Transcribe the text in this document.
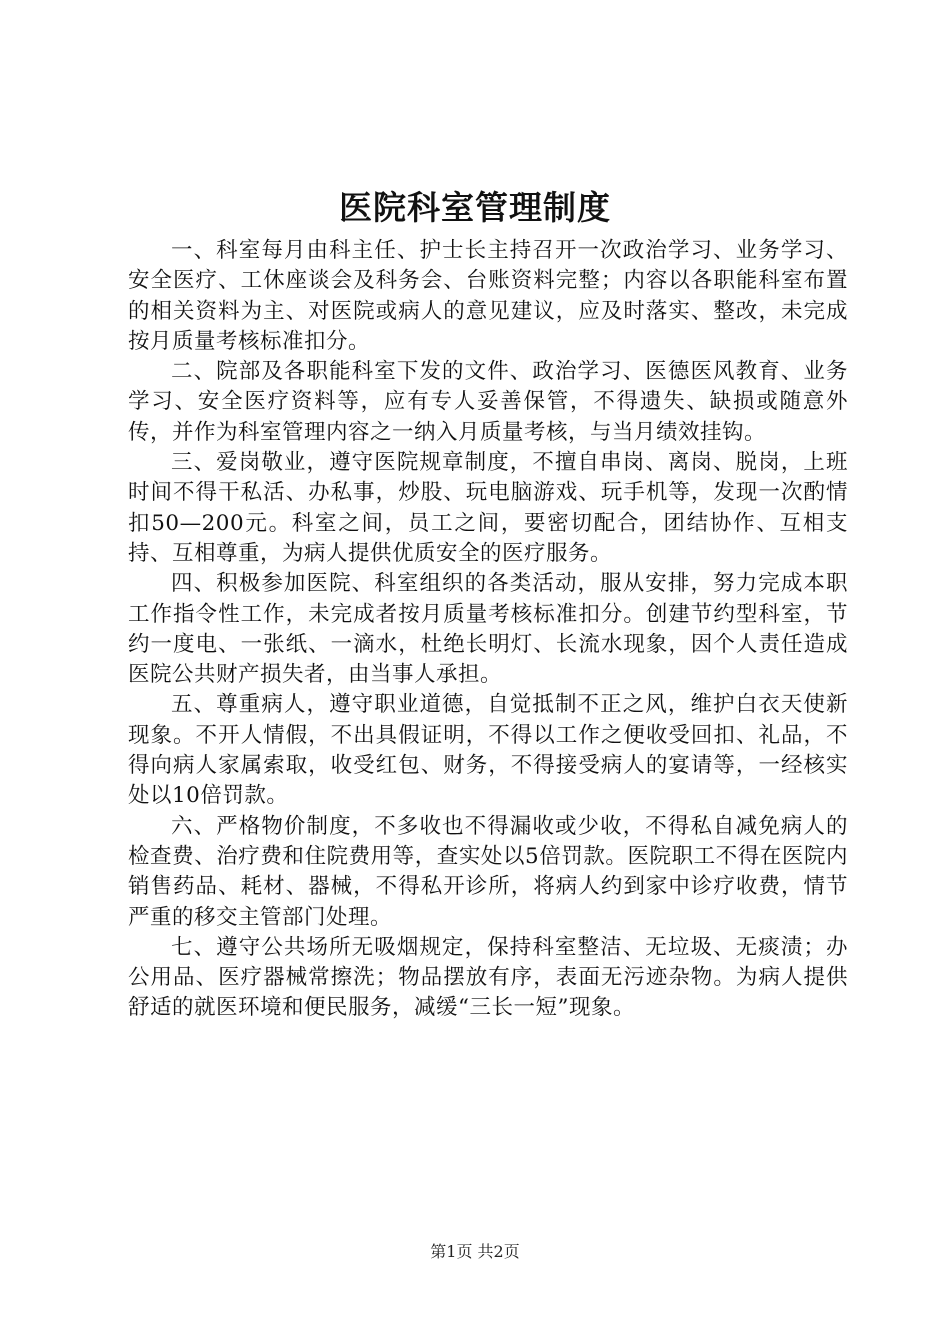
医院科室管理制度

一、科室每月由科主任、护士长主持召开一次政治学习、业务学习、安全医疗、工休座谈会及科务会、台账资料完整；内容以各职能科室布置的相关资料为主、对医院或病人的意见建议，应及时落实、整改，未完成按月质量考核标准扣分。

二、院部及各职能科室下发的文件、政治学习、医德医风教育、业务学习、安全医疗资料等，应有专人妥善保管，不得遗失、缺损或随意外传，并作为科室管理内容之一纳入月质量考核，与当月绩效挂钩。

三、爱岗敬业，遵守医院规章制度，不擅自串岗、离岗、脱岗，上班时间不得干私活、办私事，炒股、玩电脑游戏、玩手机等，发现一次酌情扣50—200元。科室之间，员工之间，要密切配合，团结协作、互相支持、互相尊重，为病人提供优质安全的医疗服务。

四、积极参加医院、科室组织的各类活动，服从安排，努力完成本职工作指令性工作，未完成者按月质量考核标准扣分。创建节约型科室，节约一度电、一张纸、一滴水，杜绝长明灯、长流水现象，因个人责任造成医院公共财产损失者，由当事人承担。

五、尊重病人，遵守职业道德，自觉抵制不正之风，维护白衣天使新现象。不开人情假，不出具假证明，不得以工作之便收受回扣、礼品，不得向病人家属索取，收受红包、财务，不得接受病人的宴请等，一经核实处以10倍罚款。

六、严格物价制度，不多收也不得漏收或少收，不得私自减免病人的检查费、治疗费和住院费用等，查实处以5倍罚款。医院职工不得在医院内销售药品、耗材、器械，不得私开诊所，将病人约到家中诊疗收费，情节严重的移交主管部门处理。

七、遵守公共场所无吸烟规定，保持科室整洁、无垃圾、无痰渍；办公用品、医疗器械常擦洗；物品摆放有序，表面无污迹杂物。为病人提供舒适的就医环境和便民服务，减缓“三长一短”现象。

第1页 共2页
